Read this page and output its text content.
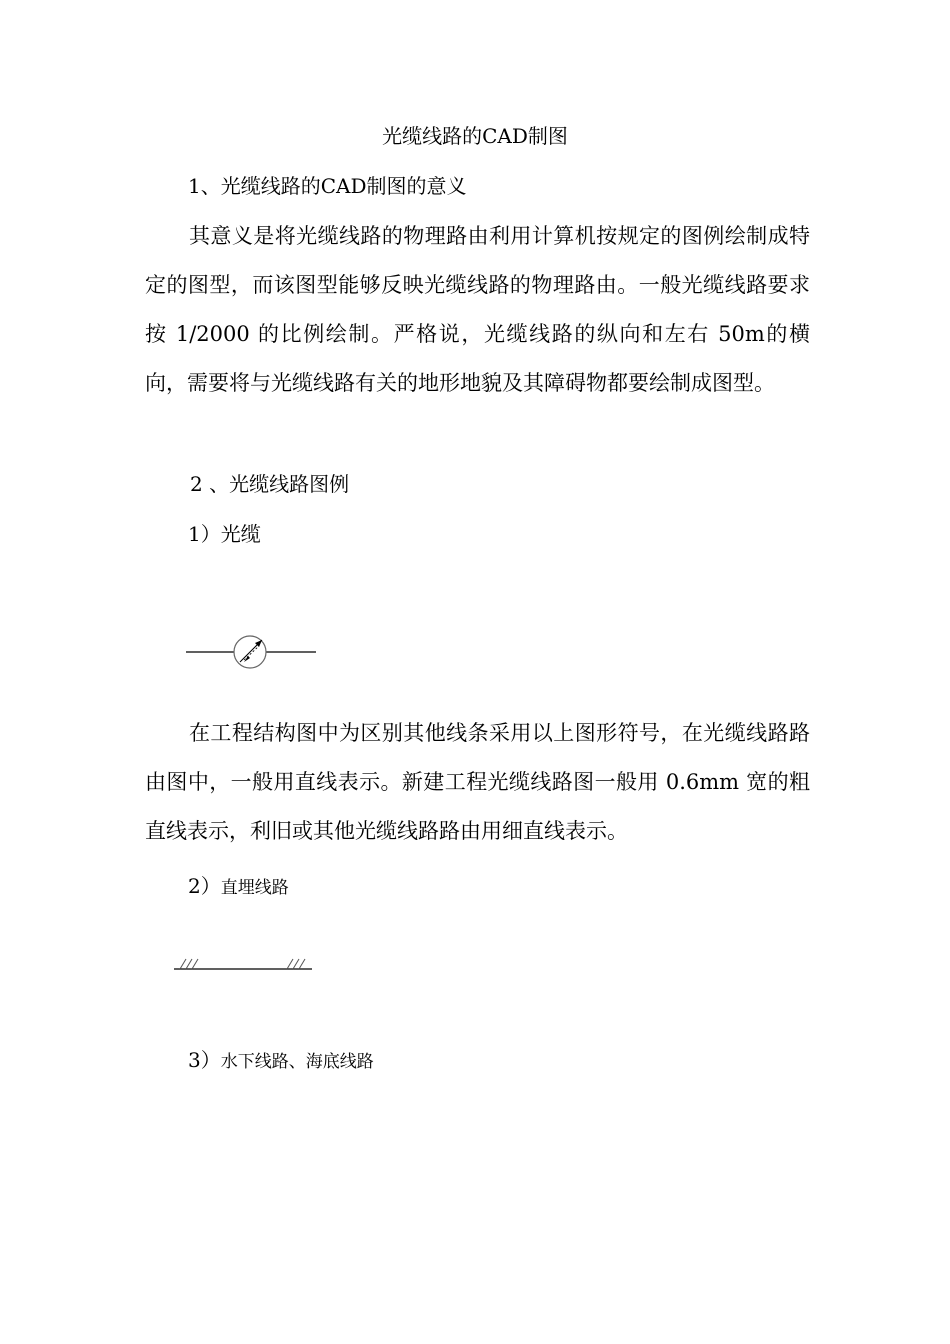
光缆线路的CAD制图
1、光缆线路的CAD制图的意义
其意义是将光缆线路的物理路由利用计算机按规定的图例绘制成特定的图型，而该图型能够反映光缆线路的物理路由。一般光缆线路要求按 1/2000 的比例绘制。严格说，光缆线路的纵向和左右 50m的横向，需要将与光缆线路有关的地形地貌及其障碍物都要绘制成图型。
2 、光缆线路图例
1）光缆
在工程结构图中为区别其他线条采用以上图形符号，在光缆线路路由图中，一般用直线表示。新建工程光缆线路图一般用 0.6mm 宽的粗直线表示，利旧或其他光缆线路路由用细直线表示。
2）直埋线路
3）水下线路、海底线路
